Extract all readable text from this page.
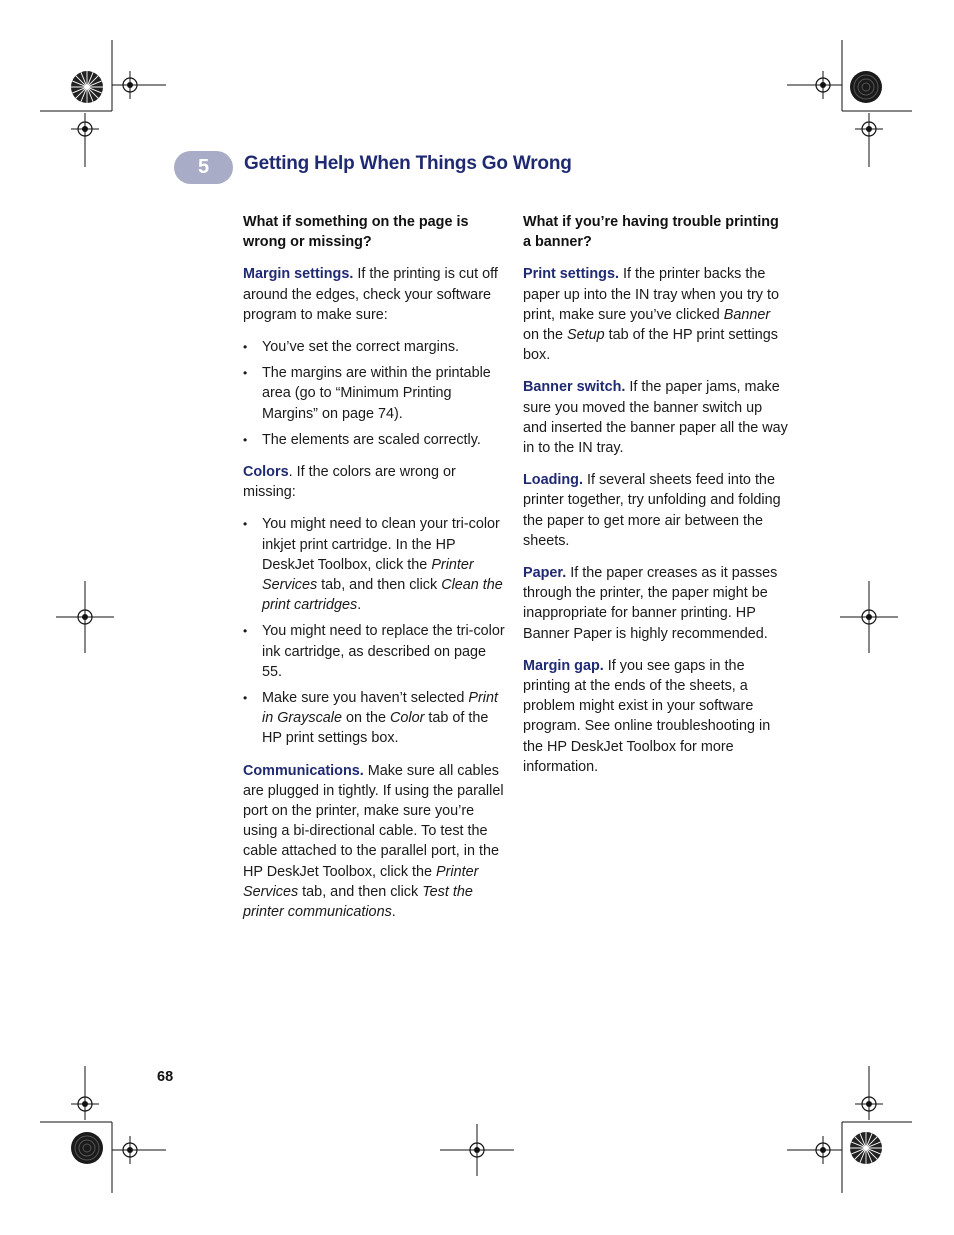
5	Getting Help When Things Go Wrong
What if something on the page is wrong or missing?

Margin settings. If the printing is cut off around the edges, check your software program to make sure:

• You’ve set the correct margins.
• The margins are within the printable area (go to “Minimum Printing Margins” on page 74).
• The elements are scaled correctly.

Colors. If the colors are wrong or missing:

• You might need to clean your tri-color inkjet print cartridge. In the HP DeskJet Toolbox, click the Printer Services tab, and then click Clean the print cartridges.
• You might need to replace the tri-color ink cartridge, as described on page 55.
• Make sure you haven’t selected Print in Grayscale on the Color tab of the HP print settings box.

Communications. Make sure all cables are plugged in tightly. If using the parallel port on the printer, make sure you’re using a bi-directional cable. To test the cable attached to the parallel port, in the HP DeskJet Toolbox, click the Printer Services tab, and then click Test the printer communications.

What if you’re having trouble printing a banner?

Print settings. If the printer backs the paper up into the IN tray when you try to print, make sure you’ve clicked Banner on the Setup tab of the HP print settings box.

Banner switch. If the paper jams, make sure you moved the banner switch up and inserted the banner paper all the way in to the IN tray.

Loading. If several sheets feed into the printer together, try unfolding and folding the paper to get more air between the sheets.

Paper. If the paper creases as it passes through the printer, the paper might be inappropriate for banner printing. HP Banner Paper is highly recommended.

Margin gap. If you see gaps in the printing at the ends of the sheets, a problem might exist in your software program. See online troubleshooting in the HP DeskJet Toolbox for more information.

68
